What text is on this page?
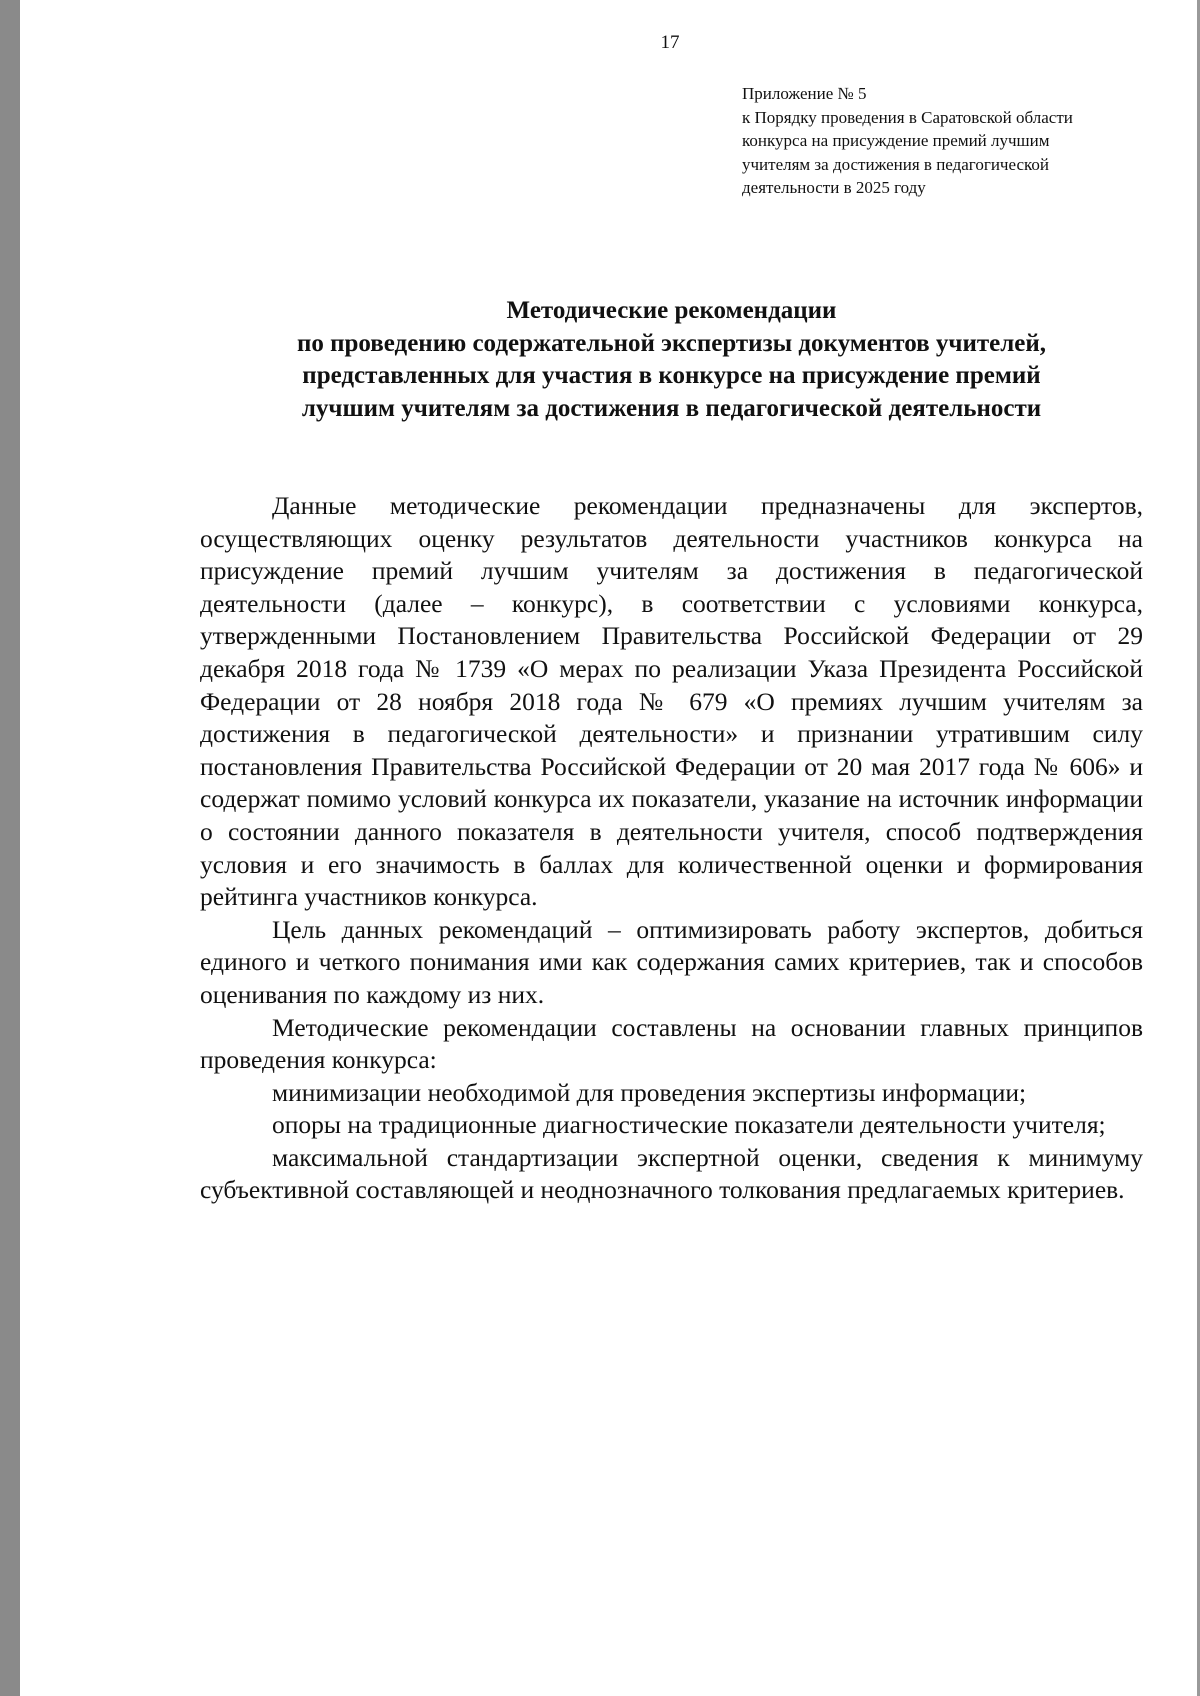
17
Приложение № 5
к Порядку проведения в Саратовской области
конкурса на присуждение премий лучшим
учителям за достижения в педагогической
деятельности в 2025 году
Методические рекомендации
по проведению содержательной экспертизы документов учителей,
представленных для участия в конкурсе на присуждение премий
лучшим учителям за достижения в педагогической деятельности

Данные методические рекомендации предназначены для экспертов, осуществляющих оценку результатов деятельности участников конкурса на присуждение премий лучшим учителям за достижения в педагогической деятельности (далее – конкурс), в соответствии с условиями конкурса, утвержденными Постановлением Правительства Российской Федерации от 29 декабря 2018 года № 1739 «О мерах по реализации Указа Президента Российской Федерации от 28 ноября 2018 года № 679 «О премиях лучшим учителям за достижения в педагогической деятельности» и признании утратившим силу постановления Правительства Российской Федерации от 20 мая 2017 года № 606» и содержат помимо условий конкурса их показатели, указание на источник информации о состоянии данного показателя в деятельности учителя, способ подтверждения условия и его значимость в баллах для количественной оценки и формирования рейтинга участников конкурса.

Цель данных рекомендаций – оптимизировать работу экспертов, добиться единого и четкого понимания ими как содержания самих критериев, так и способов оценивания по каждому из них.

Методические рекомендации составлены на основании главных принципов проведения конкурса:

минимизации необходимой для проведения экспертизы информации;

опоры на традиционные диагностические показатели деятельности учителя;

максимальной стандартизации экспертной оценки, сведения к минимуму субъективной составляющей и неоднозначного толкования предлагаемых критериев.
